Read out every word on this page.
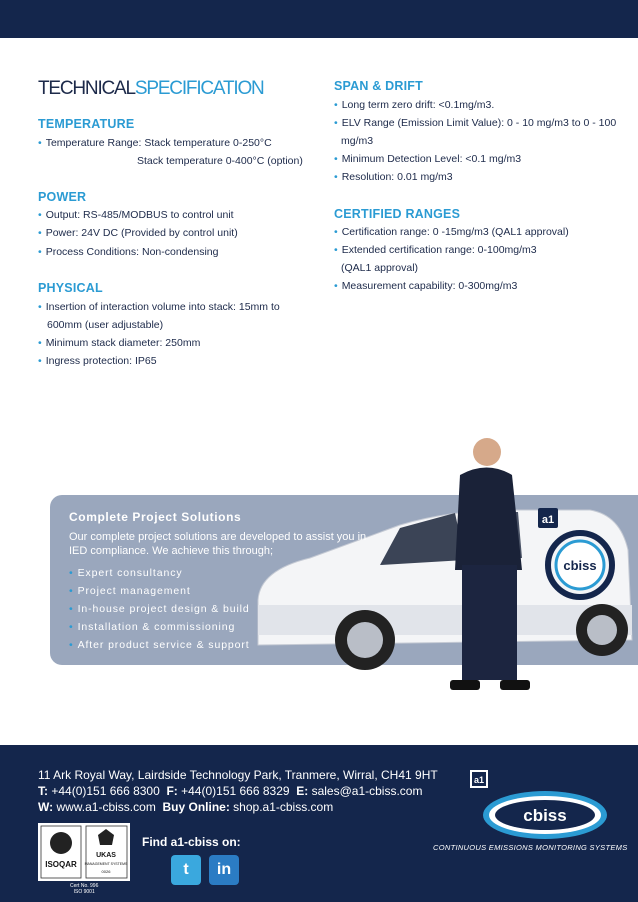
TECHNICALSPECIFICATION
TEMPERATURE
• Temperature Range: Stack temperature 0-250°C
Stack temperature 0-400°C (option)
POWER
• Output: RS-485/MODBUS to control unit
• Power: 24V DC (Provided by control unit)
• Process Conditions: Non-condensing
PHYSICAL
• Insertion of interaction volume into stack: 15mm to
600mm (user adjustable)
• Minimum stack diameter: 250mm
• Ingress protection: IP65
SPAN & DRIFT
• Long term zero drift: <0.1mg/m3.
• ELV Range (Emission Limit Value): 0 - 10 mg/m3 to 0 - 100
mg/m3
• Minimum Detection Level: <0.1 mg/m3
• Resolution: 0.01 mg/m3
CERTIFIED RANGES
• Certification range: 0 -15mg/m3 (QAL1 approval)
• Extended certification range: 0-100mg/m3
(QAL1 approval)
• Measurement capability: 0-300mg/m3
cbiss
a1
Complete Project Solutions
Our complete project solutions are developed to assist you in IED compliance. We achieve this through;
• Expert consultancy
• Project management
• In-house project design & build
• Installation & commissioning
• After product service & support
11 Ark Royal Way, Lairdside Technology Park, Tranmere, Wirral, CH41 9HT
T: +44(0)151 666 8300 F: +44(0)151 666 8329 E: sales@a1-cbiss.com
W: www.a1-cbiss.com Buy Online: shop.a1-cbiss.com
ISOQAR
UKAS
MANAGEMENT SYSTEMS
0026
Cert No. 996
ISO 9001
Find a1-cbiss on:
t	in
a1
cbiss
CONTINUOUS EMISSIONS MONITORING SYSTEMS
